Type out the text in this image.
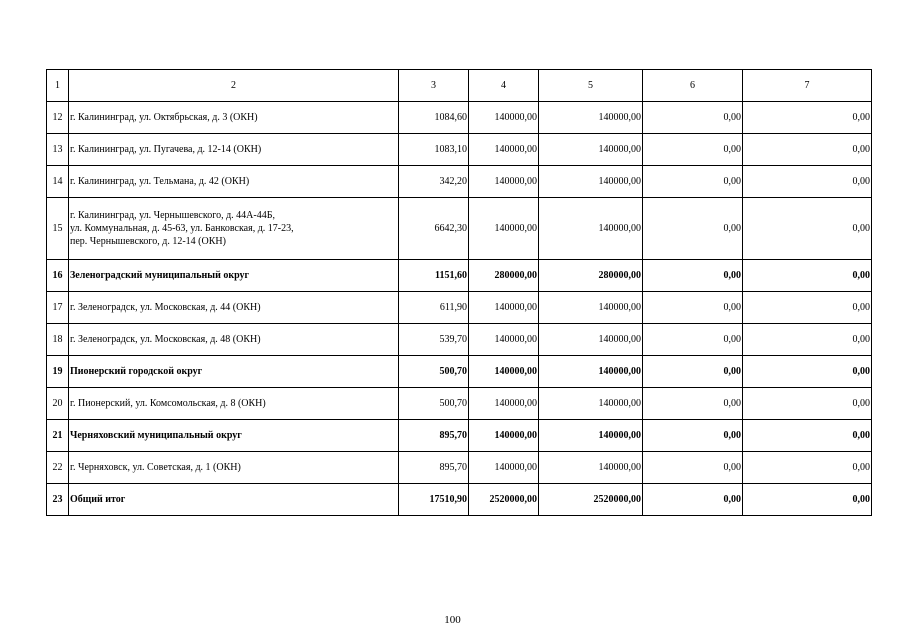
1	2	3	4	5	6	7
12	г. Калининград, ул. Октябрьская, д. 3 (ОКН)	1084,60	140000,00	140000,00	0,00	0,00
13	г. Калининград, ул. Пугачева, д. 12-14 (ОКН)	1083,10	140000,00	140000,00	0,00	0,00
14	г. Калининград, ул. Тельмана, д. 42 (ОКН)	342,20	140000,00	140000,00	0,00	0,00
15	г. Калининград, ул. Чернышевского, д. 44А-44Б,
ул. Коммунальная, д. 45-63, ул. Банковская, д. 17-23,
пер. Чернышевского, д. 12-14 (ОКН)	6642,30	140000,00	140000,00	0,00	0,00
16	Зеленоградский муниципальный округ	1151,60	280000,00	280000,00	0,00	0,00
17	г. Зеленоградск, ул. Московская, д. 44 (ОКН)	611,90	140000,00	140000,00	0,00	0,00
18	г. Зеленоградск, ул. Московская, д. 48 (ОКН)	539,70	140000,00	140000,00	0,00	0,00
19	Пионерский городской округ	500,70	140000,00	140000,00	0,00	0,00
20	г. Пионерский, ул. Комсомольская, д. 8 (ОКН)	500,70	140000,00	140000,00	0,00	0,00
21	Черняховский муниципальный округ	895,70	140000,00	140000,00	0,00	0,00
22	г. Черняховск, ул. Советская, д. 1 (ОКН)	895,70	140000,00	140000,00	0,00	0,00
23	Общий итог	17510,90	2520000,00	2520000,00	0,00	0,00
100
